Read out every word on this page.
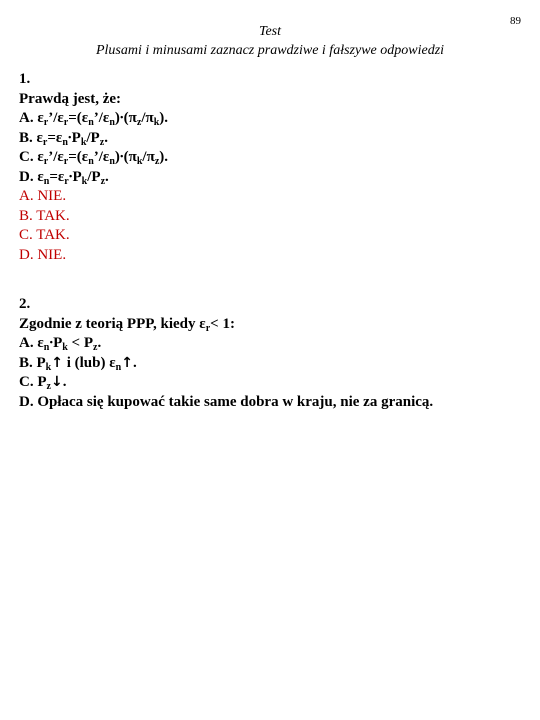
89
Test
Plusami i minusami zaznacz prawdziwe i fałszywe odpowiedzi
1.
Prawdą jest, że:
A. $\varepsilon_r’/\varepsilon_r=(\varepsilon_n’/\varepsilon_n)\cdot(\pi_z/\pi_k)$.
B. $\varepsilon_r=\varepsilon_n\cdot P_k/P_z$.
C. $\varepsilon_r’/\varepsilon_r=(\varepsilon_n’/\varepsilon_n)\cdot(\pi_k/\pi_z)$.
D. $\varepsilon_n=\varepsilon_r\cdot P_k/P_z$.
A. NIE.
B. TAK.
C. TAK.
D. NIE.
2.
Zgodnie z teorią PPP, kiedy $\varepsilon_r< 1$:
A. $\varepsilon_n\cdot P_k < P_z$.
B. $P_k↑$ i (lub) $\varepsilon_n↑$.
C. $P_z↓$.
D. Opłaca się kupować takie same dobra w kraju, nie za granicą.
